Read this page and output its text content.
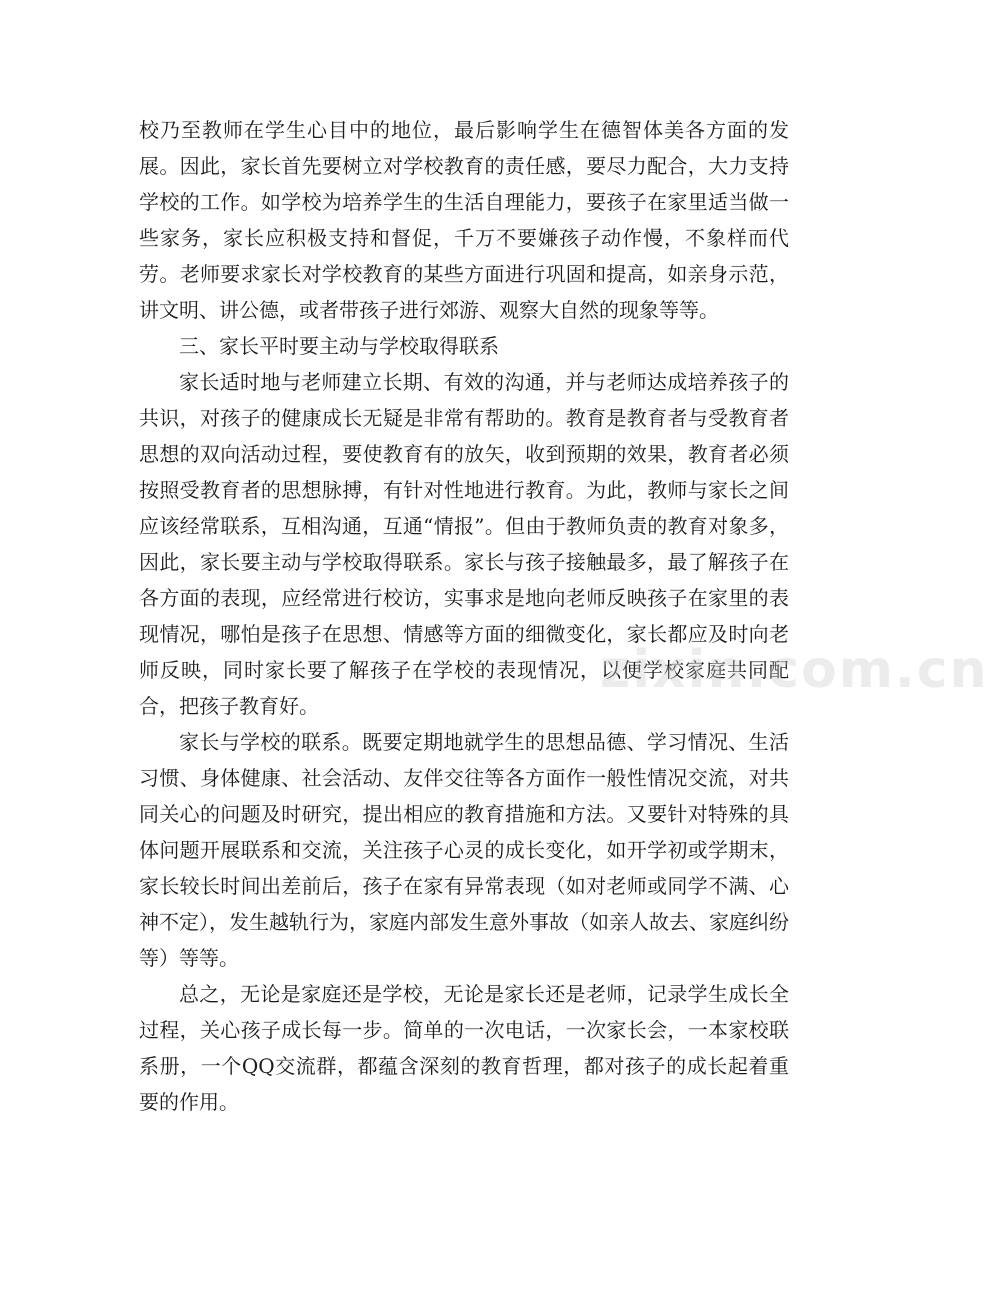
校乃至教师在学生心目中的地位，最后影响学生在德智体美各方面的发展。因此，家长首先要树立对学校教育的责任感，要尽力配合，大力支持学校的工作。如学校为培养学生的生活自理能力，要孩子在家里适当做一些家务，家长应积极支持和督促，千万不要嫌孩子动作慢，不象样而代劳。老师要求家长对学校教育的某些方面进行巩固和提高，如亲身示范，讲文明、讲公德，或者带孩子进行郊游、观察大自然的现象等等。

三、家长平时要主动与学校取得联系

家长适时地与老师建立长期、有效的沟通，并与老师达成培养孩子的共识，对孩子的健康成长无疑是非常有帮助的。教育是教育者与受教育者思想的双向活动过程，要使教育有的放矢，收到预期的效果，教育者必须按照受教育者的思想脉搏，有针对性地进行教育。为此，教师与家长之间应该经常联系，互相沟通，互通“情报”。但由于教师负责的教育对象多，因此，家长要主动与学校取得联系。家长与孩子接触最多，最了解孩子在各方面的表现，应经常进行校访，实事求是地向老师反映孩子在家里的表现情况，哪怕是孩子在思想、情感等方面的细微变化，家长都应及时向老师反映，同时家长要了解孩子在学校的表现情况，以便学校家庭共同配合，把孩子教育好。

家长与学校的联系。既要定期地就学生的思想品德、学习情况、生活习惯、身体健康、社会活动、友伴交往等各方面作一般性情况交流，对共同关心的问题及时研究，提出相应的教育措施和方法。又要针对特殊的具体问题开展联系和交流，关注孩子心灵的成长变化，如开学初或学期末，家长较长时间出差前后，孩子在家有异常表现（如对老师或同学不满、心神不定），发生越轨行为，家庭内部发生意外事故（如亲人故去、家庭纠纷等）等等。

总之，无论是家庭还是学校，无论是家长还是老师，记录学生成长全过程，关心孩子成长每一步。简单的一次电话，一次家长会，一本家校联系册，一个QQ交流群，都蕴含深刻的教育哲理，都对孩子的成长起着重要的作用。

zixin.com.cn
